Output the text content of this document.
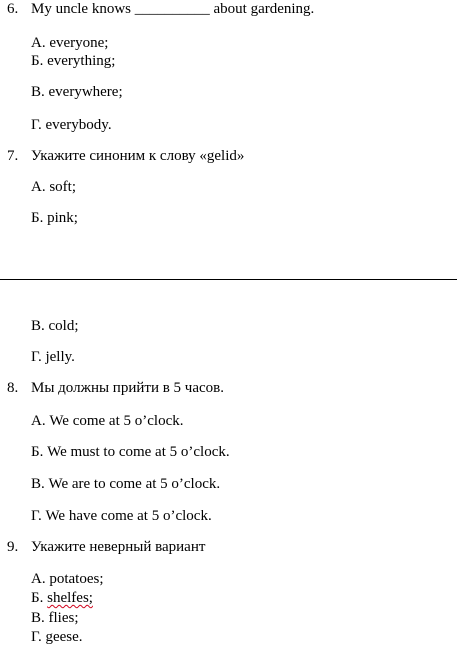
6. My uncle knows __________ about gardening.
А. everyone;
Б. everything;
В. everywhere;
Г. everybody.
7. Укажите синоним к слову «gelid»
А. soft;
Б. pink;
В. cold;
Г. jelly.
8. Мы должны прийти в 5 часов.
А. We come at 5 o’clock.
Б. We must to come at 5 o’clock.
В. We are to come at 5 o’clock.
Г. We have come at 5 o’clock.
9. Укажите неверный вариант
А. potatoes;
Б. shelfes;
В. flies;
Г. geese.
